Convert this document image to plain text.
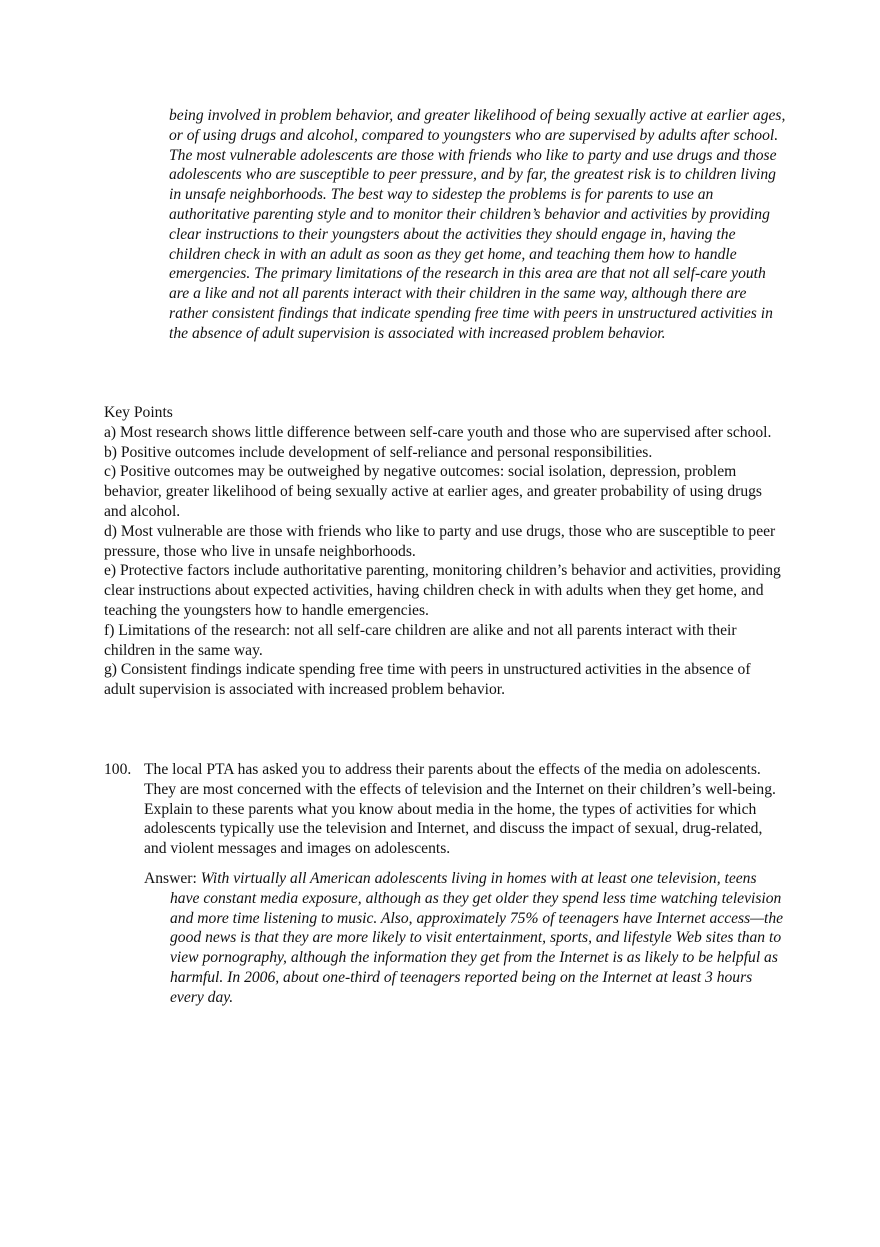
being involved in problem behavior, and greater likelihood of being sexually active at earlier ages, or of using drugs and alcohol, compared to youngsters who are supervised by adults after school. The most vulnerable adolescents are those with friends who like to party and use drugs and those adolescents who are susceptible to peer pressure, and by far, the greatest risk is to children living in unsafe neighborhoods. The best way to sidestep the problems is for parents to use an authoritative parenting style and to monitor their children’s behavior and activities by providing clear instructions to their youngsters about the activities they should engage in, having the children check in with an adult as soon as they get home, and teaching them how to handle emergencies. The primary limitations of the research in this area are that not all self-care youth are a like and not all parents interact with their children in the same way, although there are rather consistent findings that indicate spending free time with peers in unstructured activities in the absence of adult supervision is associated with increased problem behavior.

Key Points

a) Most research shows little difference between self-care youth and those who are supervised after school.

b) Positive outcomes include development of self-reliance and personal responsibilities.

c) Positive outcomes may be outweighed by negative outcomes: social isolation, depression, problem behavior, greater likelihood of being sexually active at earlier ages, and greater probability of using drugs and alcohol.

d) Most vulnerable are those with friends who like to party and use drugs, those who are susceptible to peer pressure, those who live in unsafe neighborhoods.

e) Protective factors include authoritative parenting, monitoring children’s behavior and activities, providing clear instructions about expected activities, having children check in with adults when they get home, and teaching the youngsters how to handle emergencies.

f) Limitations of the research: not all self-care children are alike and not all parents interact with their children in the same way.

g) Consistent findings indicate spending free time with peers in unstructured activities in the absence of adult supervision is associated with increased problem behavior.

100. The local PTA has asked you to address their parents about the effects of the media on adolescents. They are most concerned with the effects of television and the Internet on their children’s well-being. Explain to these parents what you know about media in the home, the types of activities for which adolescents typically use the television and Internet, and discuss the impact of sexual, drug-related, and violent messages and images on adolescents.

Answer: With virtually all American adolescents living in homes with at least one television, teens have constant media exposure, although as they get older they spend less time watching television and more time listening to music. Also, approximately 75% of teenagers have Internet access—the good news is that they are more likely to visit entertainment, sports, and lifestyle Web sites than to view pornography, although the information they get from the Internet is as likely to be helpful as harmful. In 2006, about one-third of teenagers reported being on the Internet at least 3 hours every day.
